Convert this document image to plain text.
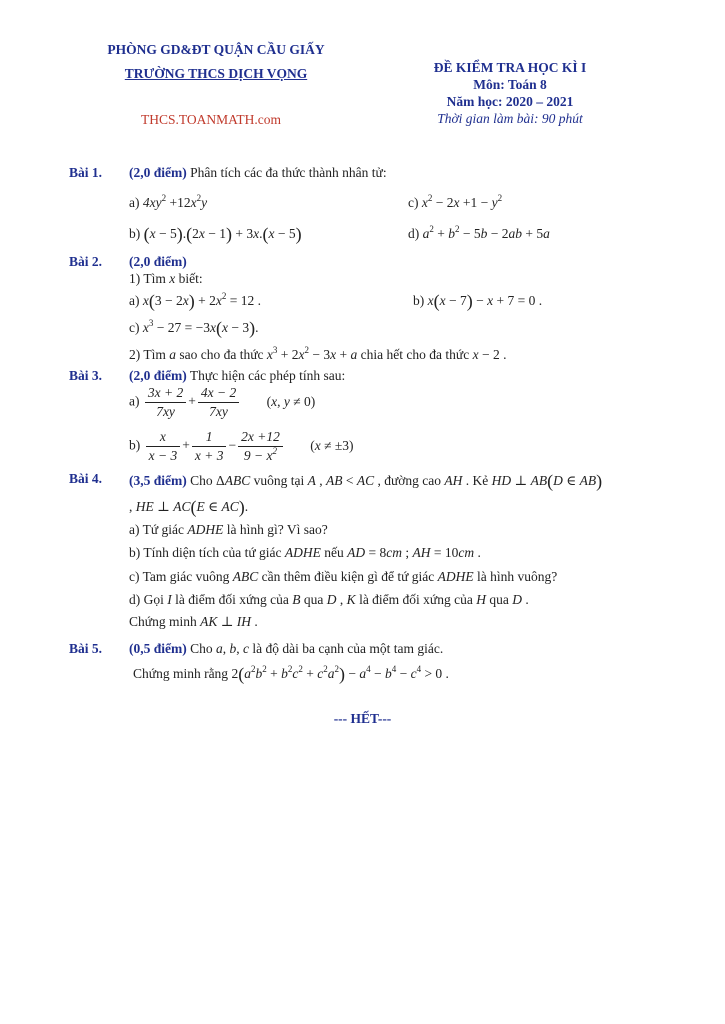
PHÒNG GD&ĐT QUẬN CẦU GIẤY
TRƯỜNG THCS DỊCH VỌNG
THCS.TOANMATH.com
ĐỀ KIỂM TRA HỌC KÌ I
Môn: Toán 8
Năm học: 2020 – 2021
Thời gian làm bài: 90 phút
Bài 1. (2,0 điểm) Phân tích các đa thức thành nhân tử:
a) $4xy^2 +12x^2y$	c) $x^2 - 2x +1 - y^2$
b) (x − 5).(2x − 1) + 3x.(x − 5)	d) $a^2 + b^2 - 5b - 2ab + 5a$
Bài 2. (2,0 điểm)
1) Tìm x biết:
a) $x(3 - 2x) + 2x^2 = 12$ .	b) x(x − 7) − x + 7 = 0 .
c) $x^3 - 27 = -3x(x - 3)$.
2) Tìm a sao cho đa thức $x^3 + 2x^2 - 3x + a$ chia hết cho đa thức x − 2 .
Bài 3. (2,0 điểm) Thực hiện các phép tính sau:
$a) \frac{3x + 2}{7xy} + \frac{4x - 2}{7xy} (x$, y ≠ 0)
$b) \frac{x}{x - 3} + \frac{1}{x + 3} - \frac{2x +12}{9 - x^2} (x \ne \pm 3)$
Bài 4. (3,5 điểm) Cho ΔABC vuông tại A , AB < AC , đường cao AH . Kẻ HD ⊥ AB(D ∈ AB)
, HE ⊥ AC(E ∈ AC).
a) Tứ giác ADHE là hình gì? Vì sao?
b) Tính diện tích của tứ giác ADHE nếu AD = 8cm ; AH = 10cm .
c) Tam giác vuông ABC cần thêm điều kiện gì để tứ giác ADHE là hình vuông?
d) Gọi I là điểm đối xứng của B qua D , K là điểm đối xứng của H qua D .
Chứng minh AK ⊥ IH .
Bài 5. (0,5 điểm) Cho a, b, c là độ dài ba cạnh của một tam giác.
Chứng minh rằng $2(a^2b^2 + b^2c^2 + c^2a^2) - a^4 - b^4 - c^4 > 0$ .
--- HẾT---
